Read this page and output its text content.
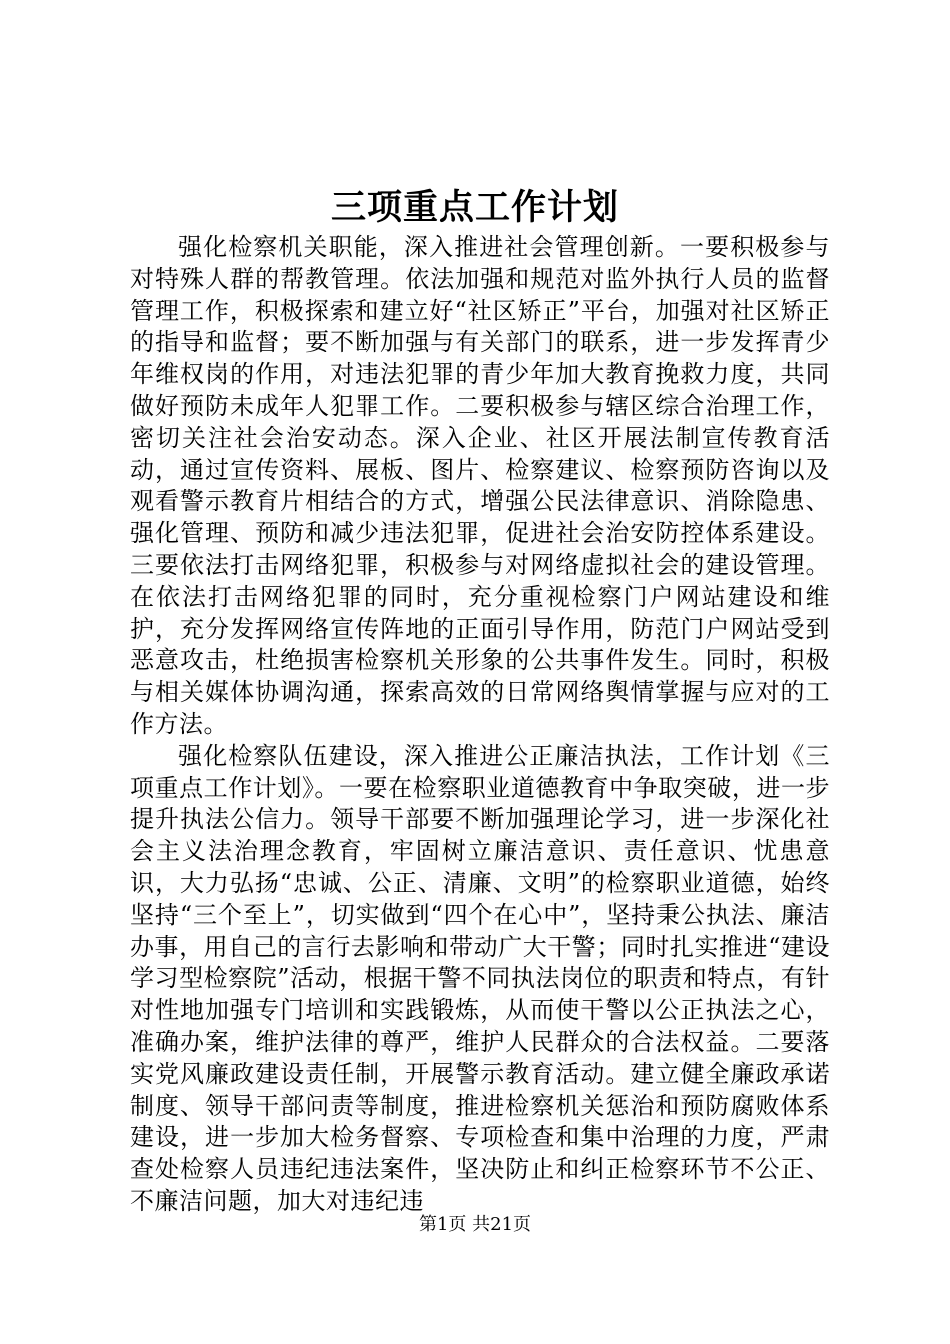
三项重点工作计划

强化检察机关职能，深入推进社会管理创新。一要积极参与对特殊人群的帮教管理。依法加强和规范对监外执行人员的监督管理工作，积极探索和建立好“社区矫正”平台，加强对社区矫正的指导和监督；要不断加强与有关部门的联系，进一步发挥青少年维权岗的作用，对违法犯罪的青少年加大教育挽救力度，共同做好预防未成年人犯罪工作。二要积极参与辖区综合治理工作，密切关注社会治安动态。深入企业、社区开展法制宣传教育活动，通过宣传资料、展板、图片、检察建议、检察预防咨询以及观看警示教育片相结合的方式，增强公民法律意识、消除隐患、强化管理、预防和减少违法犯罪，促进社会治安防控体系建设。三要依法打击网络犯罪，积极参与对网络虚拟社会的建设管理。在依法打击网络犯罪的同时，充分重视检察门户网站建设和维护，充分发挥网络宣传阵地的正面引导作用，防范门户网站受到恶意攻击，杜绝损害检察机关形象的公共事件发生。同时，积极与相关媒体协调沟通，探索高效的日常网络舆情掌握与应对的工作方法。

强化检察队伍建设，深入推进公正廉洁执法，工作计划《三项重点工作计划》。一要在检察职业道德教育中争取突破，进一步提升执法公信力。领导干部要不断加强理论学习，进一步深化社会主义法治理念教育，牢固树立廉洁意识、责任意识、忧患意识，大力弘扬“忠诚、公正、清廉、文明”的检察职业道德，始终坚持“三个至上”，切实做到“四个在心中”，坚持秉公执法、廉洁办事，用自己的言行去影响和带动广大干警；同时扎实推进“建设学习型检察院”活动，根据干警不同执法岗位的职责和特点，有针对性地加强专门培训和实践锻炼，从而使干警以公正执法之心，准确办案，维护法律的尊严，维护人民群众的合法权益。二要落实党风廉政建设责任制，开展警示教育活动。建立健全廉政承诺制度、领导干部问责等制度，推进检察机关惩治和预防腐败体系建设，进一步加大检务督察、专项检查和集中治理的力度，严肃查处检察人员违纪违法案件，坚决防止和纠正检察环节不公正、不廉洁问题，加大对违纪违

第1页 共21页
